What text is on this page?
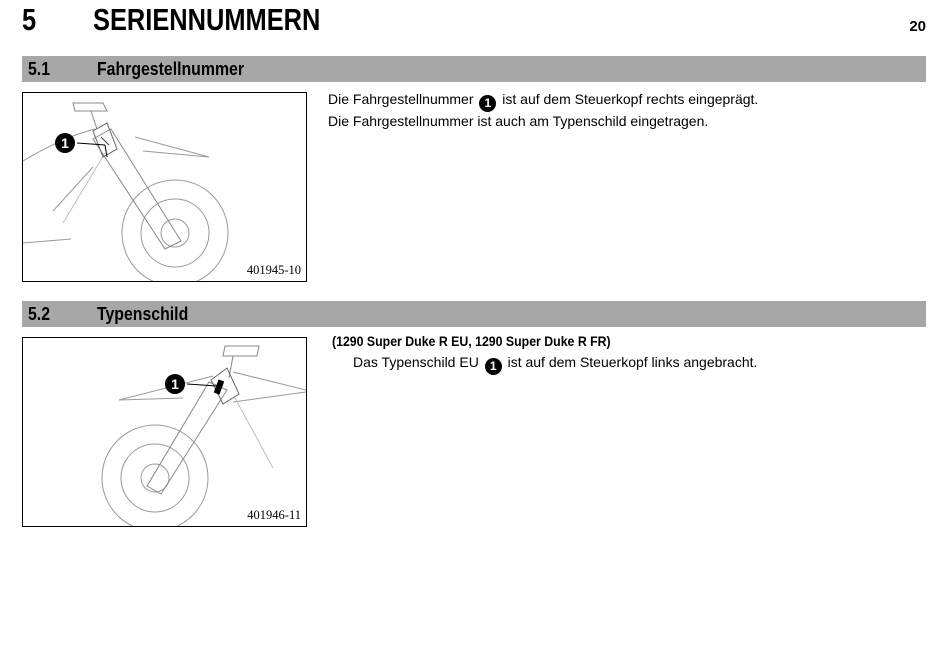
5 SERIENNUMMERN	20
5.1	Fahrgestellnummer
1
401945-10
Die Fahrgestellnummer 1 ist auf dem Steuerkopf rechts eingeprägt.
Die Fahrgestellnummer ist auch am Typenschild eingetragen.
5.2	Typenschild
1
401946-11
(1290 Super Duke R EU, 1290 Super Duke R FR)
Das Typenschild EU 1 ist auf dem Steuerkopf links angebracht.
